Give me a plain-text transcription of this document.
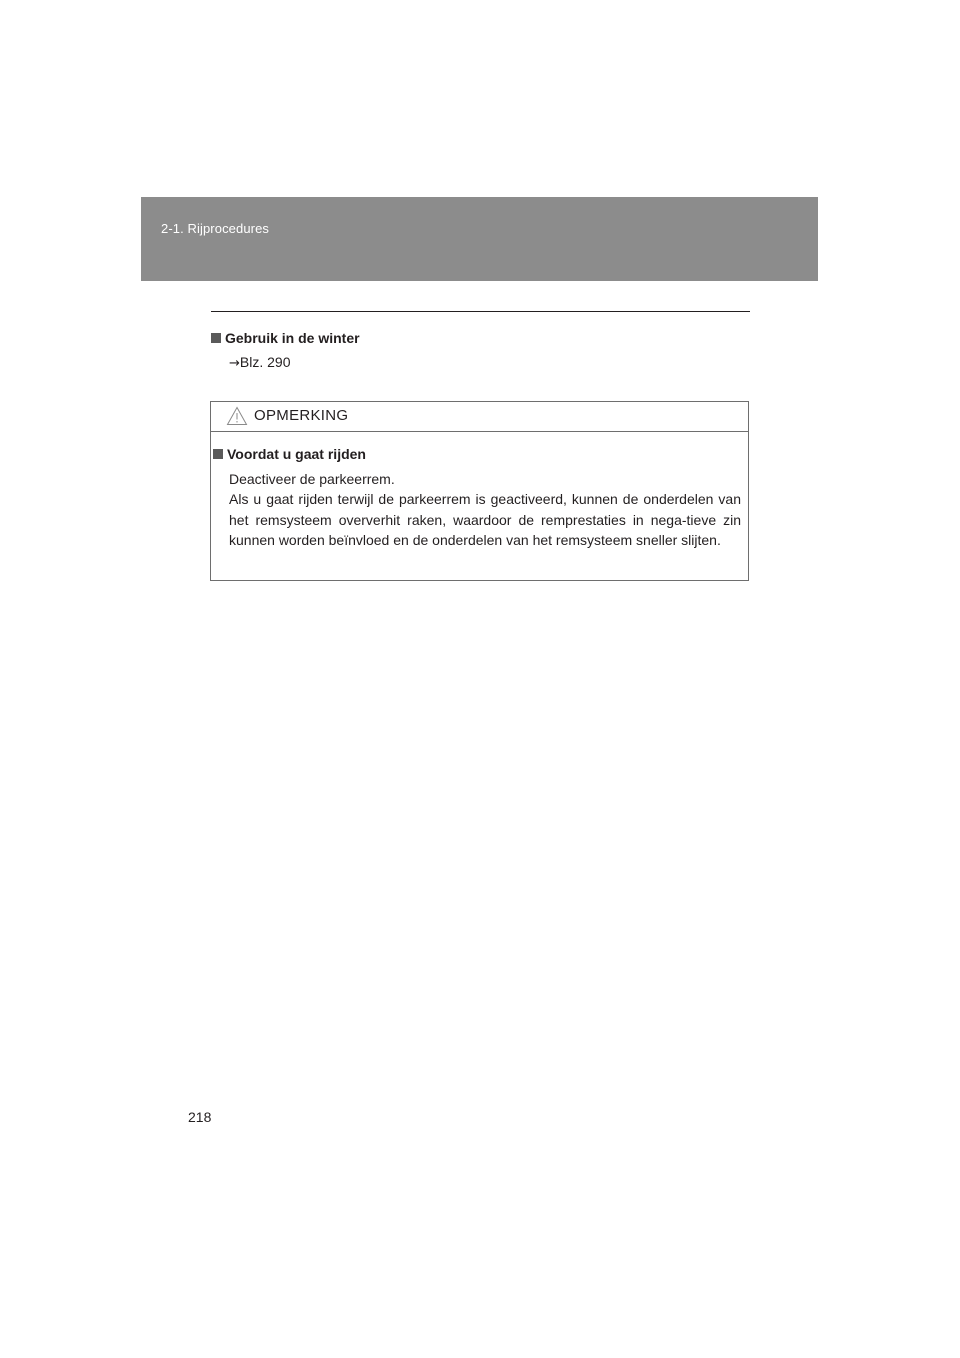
2-1. Rijprocedures
Gebruik in de winter
→Blz. 290
OPMERKING
Voordat u gaat rijden

Deactiveer de parkeerrem.

Als u gaat rijden terwijl de parkeerrem is geactiveerd, kunnen de onderdelen van het remsysteem oververhit raken, waardoor de remprestaties in nega-tieve zin kunnen worden beïnvloed en de onderdelen van het remsysteem sneller slijten.

218
